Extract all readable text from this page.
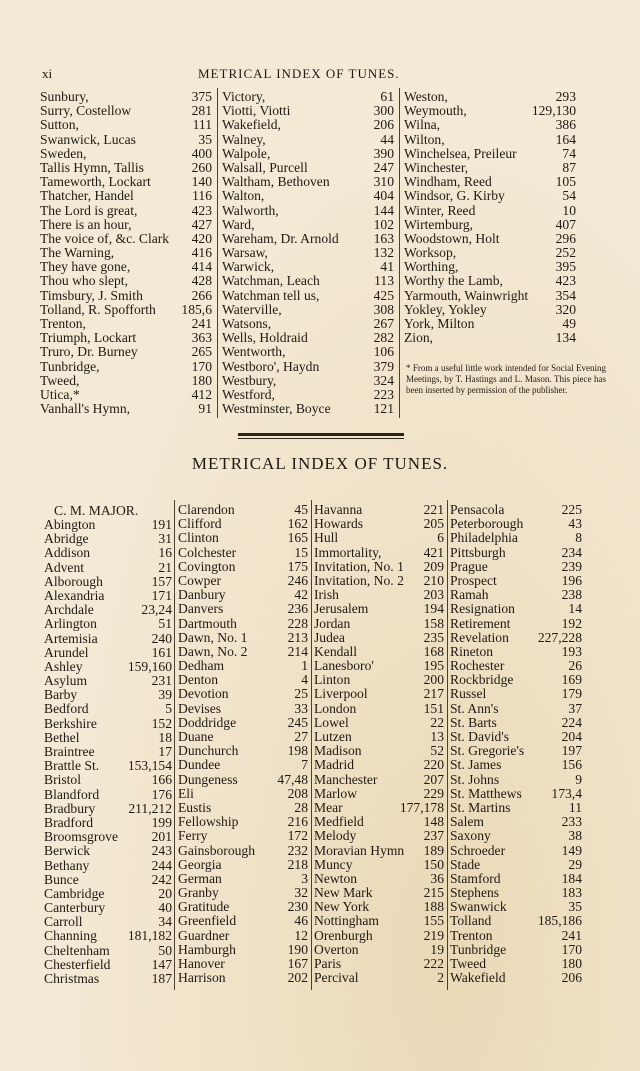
xi	METRICAL INDEX OF TUNES.
Sunbury,	375
Surry, Costellow	281
Sutton,	111
Swanwick, Lucas	35
Sweden,	400
Tallis Hymn, Tallis	260
Tameworth, Lockart	140
Thatcher, Handel	116
The Lord is great,	423
There is an hour,	427
The voice of, &c. Clark 420
The Warning,	416
They have gone,	414
Thou who slept,	428
Timsbury, J. Smith	266
Tolland, R. Spofforth 185,6
Trenton,	241
Triumph, Lockart	363
Truro, Dr. Burney	265
Tunbridge,	170
Tweed,	180
Utica,*	412
Vanhall's Hymn,	91
Victory,	61
Viotti, Viotti	300
Wakefield,	206
Walney,	44
Walpole,	390
Walsall, Purcell	247
Waltham, Bethoven	310
Walton,	404
Walworth,	144
Ward,	102
Wareham, Dr. Arnold	163
Warsaw,	132
Warwick,	41
Watchman, Leach	113
Watchman tell us,	425
Waterville,	308
Watsons,	267
Wells, Holdraid	282
Wentworth,	106
Westboro', Haydn	379
Westbury,	324
Westford,	223
Westminster, Boyce	121
Weston,	293
Weymouth,	129,130
Wilna,	386
Wilton,	164
Winchelsea, Preileur	74
Winchester,	87
Windham, Reed	105
Windsor, G. Kirby	54
Winter, Reed	10
Wirtemburg,	407
Woodstown, Holt	296
Worksop,	252
Worthing,	395
Worthy the Lamb,	423
Yarmouth, Wainwright 354
Yokley, Yokley	320
York, Milton	49
Zion,	134
* From a useful little work intended for Social Evening Meetings, by T. Hastings and L. Mason. This piece has been inserted by permission of the publisher.
METRICAL INDEX OF TUNES.
C. M. MAJOR.
Abington	191
Abridge	31
Addison	16
Advent	21
Alborough	157
Alexandria	171
Archdale	23,24
Arlington	51
Artemisia	240
Arundel	161
Ashley	159,160
Asylum	231
Barby	39
Bedford	5
Berkshire	152
Bethel	18
Braintree	17
Brattle St. 153,154
Bristol	166
Blandford	176
Bradbury 211,212
Bradford	199
Broomsgrove 201
Berwick	243
Bethany	244
Bunce	242
Cambridge	20
Canterbury	40
Carroll	34
Channing 181,182
Cheltenham	50
Chesterfield	147
Christmas	187
Clarendon	45
Clifford	162
Clinton	165
Colchester	15
Covington	175
Cowper	246
Danbury	42
Danvers	236
Dartmouth	228
Dawn, No. 1	213
Dawn, No. 2	214
Dedham	1
Denton	4
Devotion	25
Devises	33
Doddridge	245
Duane	27
Dunchurch	198
Dundee	7
Dungeness	47,48
Eli	208
Eustis	28
Fellowship	216
Ferry	172
Gainsborough 232
Georgia	218
German	3
Granby	32
Gratitude	230
Greenfield	46
Guardner	12
Hamburgh	190
Hanover	167
Harrison	202
Havanna	221
Howards	205
Hull	6
Immortality,	421
Invitation, No. 1 209
Invitation, No. 2 210
Irish	203
Jerusalem	194
Jordan	158
Judea	235
Kendall	168
Lanesboro'	195
Linton	200
Liverpool	217
London	151
Lowel	22
Lutzen	13
Madison	52
Madrid	220
Manchester	207
Marlow	229
Mear	177,178
Medfield	148
Melody	237
Moravian Hymn 189
Muncy	150
Newton	36
New Mark	215
New York	188
Nottingham	155
Orenburgh	219
Overton	19
Paris	222
Percival	2
Pensacola	225
Peterborough	43
Philadelphia	8
Pittsburgh	234
Prague	239
Prospect	196
Ramah	238
Resignation	14
Retirement	192
Revelation 227,228
Rineton	193
Rochester	26
Rockbridge	169
Russel	179
St. Ann's	37
St. Barts	224
St. David's	204
St. Gregorie's	197
St. James	156
St. Johns	9
St. Matthews 173,4
St. Martins	11
Salem	233
Saxony	38
Schroeder	149
Stade	29
Stamford	184
Stephens	183
Swanwick	35
Tolland	185,186
Trenton	241
Tunbridge	170
Tweed	180
Wakefield	206
